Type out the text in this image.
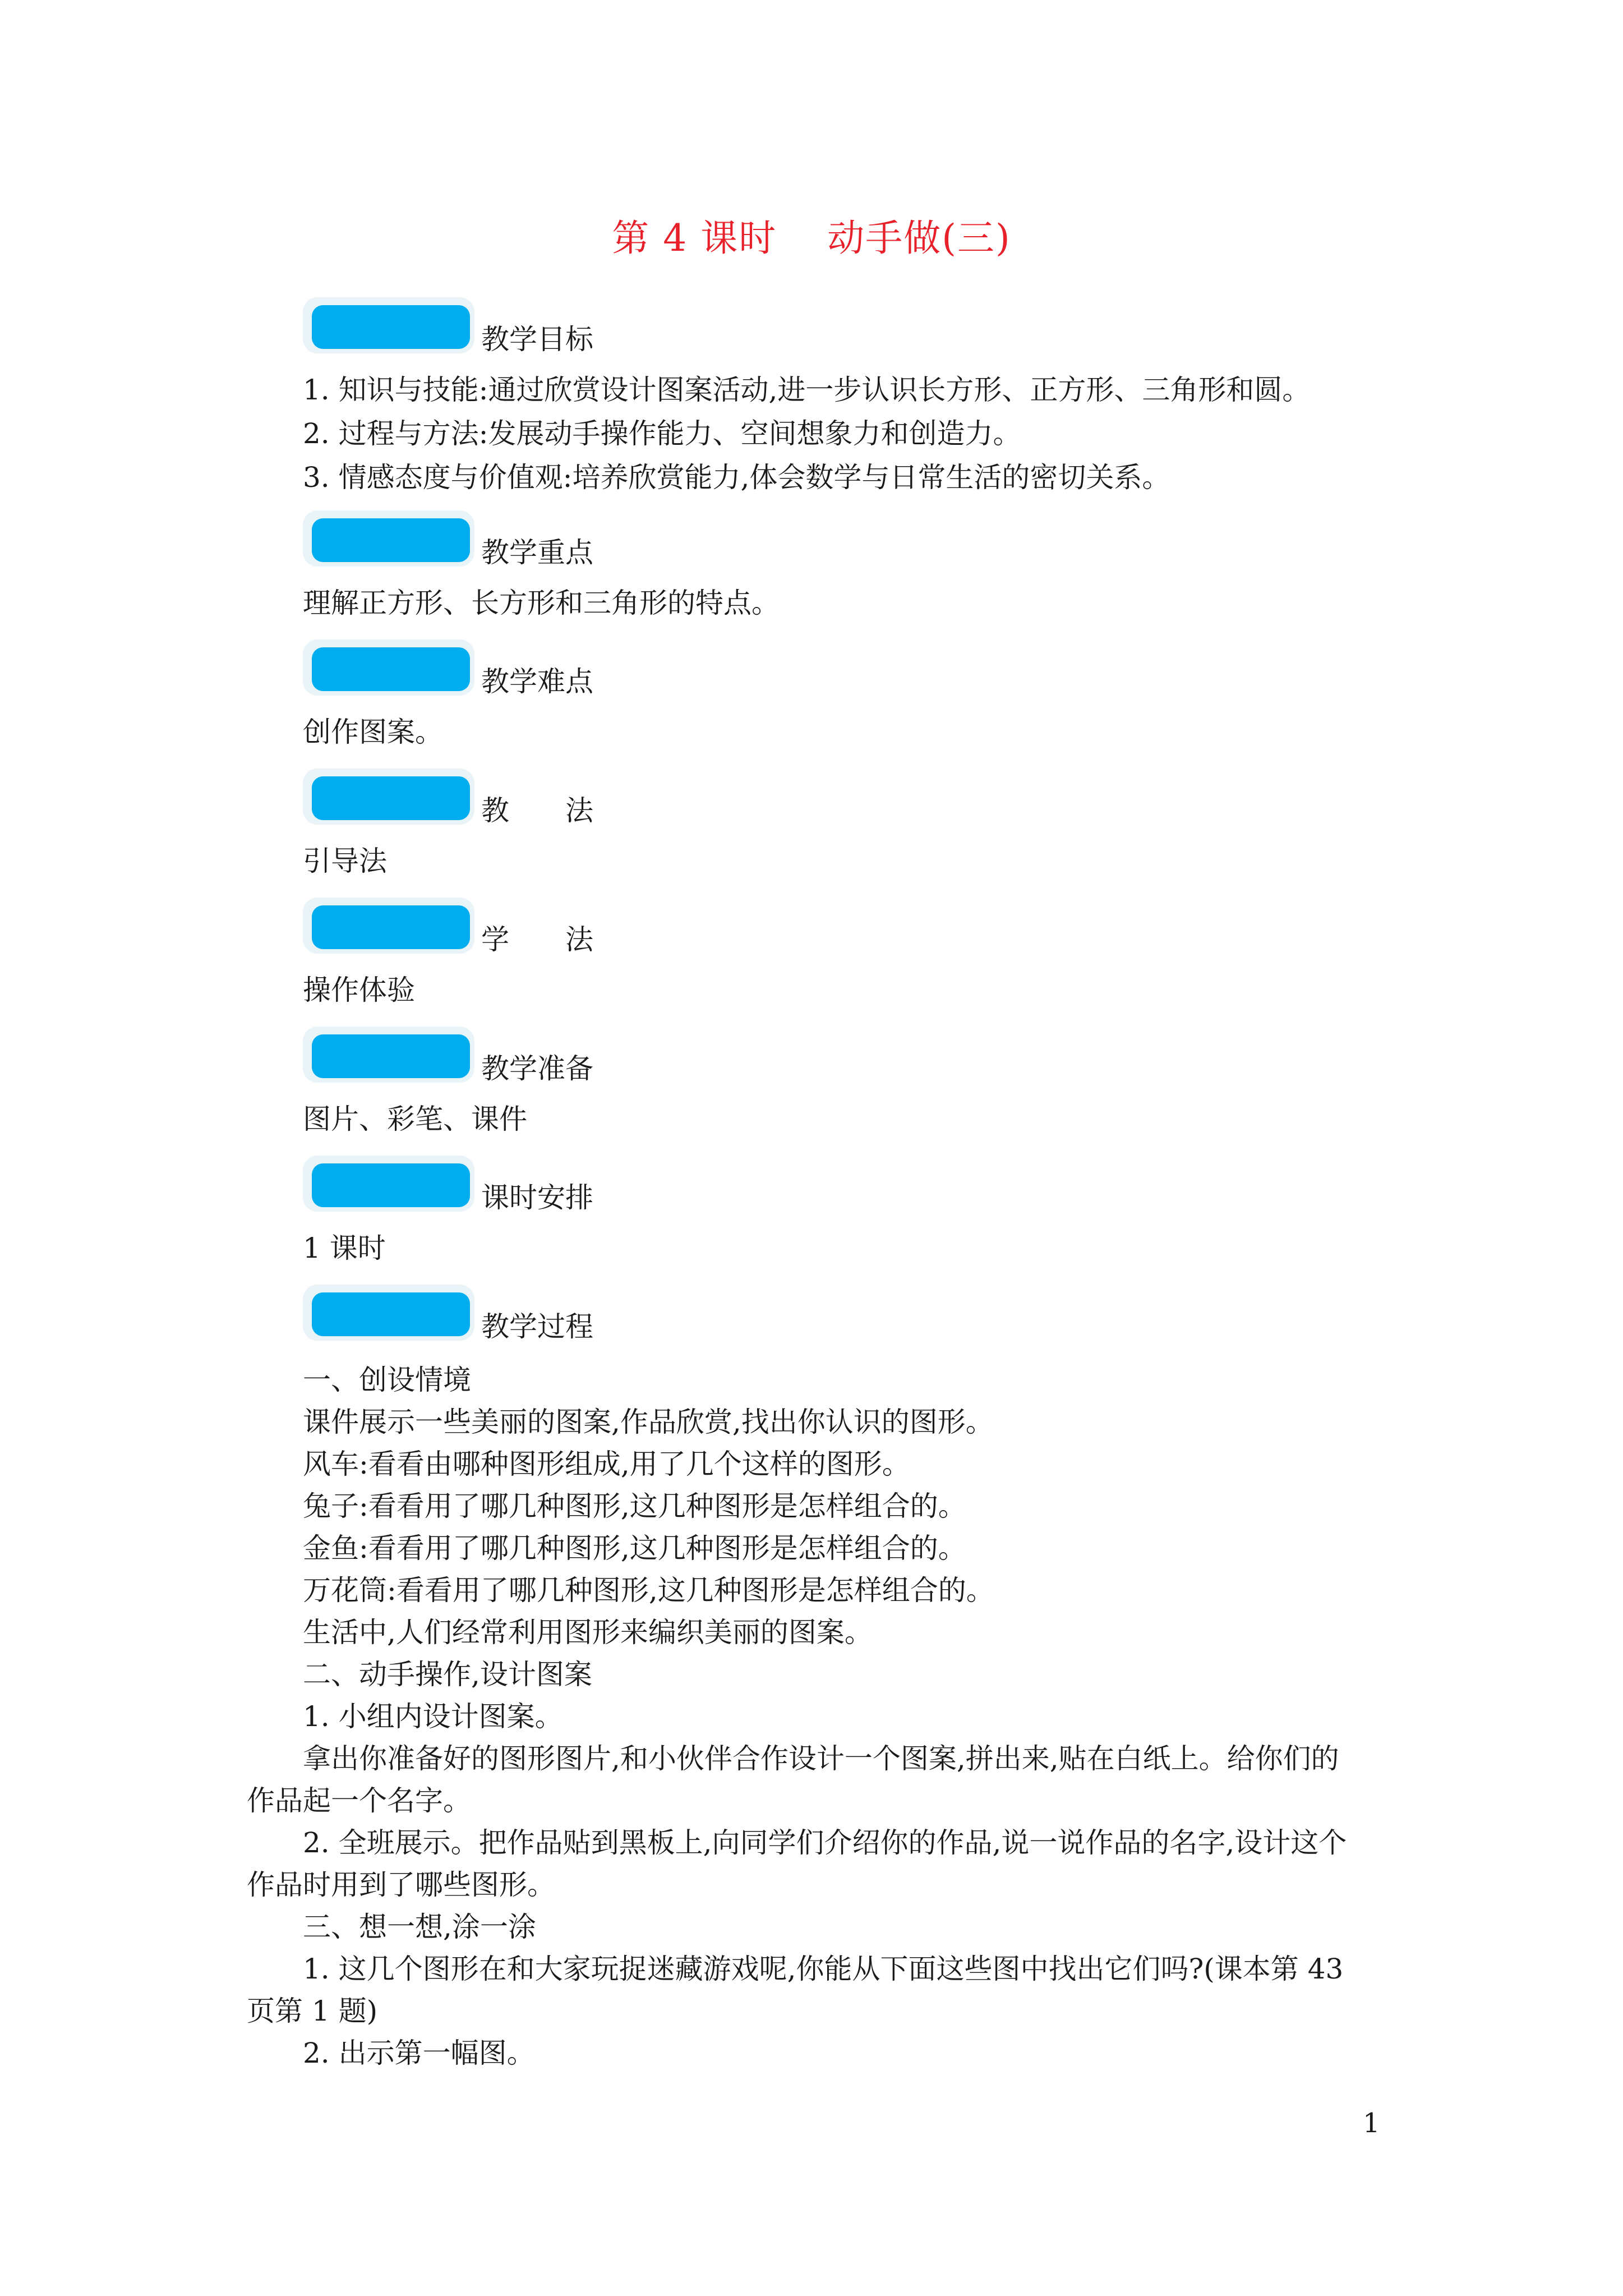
第 4 课时 动手做(三)
教学目标
1. 知识与技能:通过欣赏设计图案活动,进一步认识长方形、正方形、三角形和圆。
2. 过程与方法:发展动手操作能力、空间想象力和创造力。
3. 情感态度与价值观:培养欣赏能力,体会数学与日常生活的密切关系。
教学重点
理解正方形、长方形和三角形的特点。
教学难点
创作图案。
教法
引导法
学法
操作体验
教学准备
图片、彩笔、课件
课时安排
1 课时
教学过程
一、创设情境
课件展示一些美丽的图案,作品欣赏,找出你认识的图形。
风车:看看由哪种图形组成,用了几个这样的图形。
兔子:看看用了哪几种图形,这几种图形是怎样组合的。
金鱼:看看用了哪几种图形,这几种图形是怎样组合的。
万花筒:看看用了哪几种图形,这几种图形是怎样组合的。
生活中,人们经常利用图形来编织美丽的图案。
二、动手操作,设计图案
1. 小组内设计图案。
拿出你准备好的图形图片,和小伙伴合作设计一个图案,拼出来,贴在白纸上。给你们的
作品起一个名字。
2. 全班展示。把作品贴到黑板上,向同学们介绍你的作品,说一说作品的名字,设计这个
作品时用到了哪些图形。
三、想一想,涂一涂
1. 这几个图形在和大家玩捉迷藏游戏呢,你能从下面这些图中找出它们吗?(课本第 43
页第 1 题)
2. 出示第一幅图。
1
